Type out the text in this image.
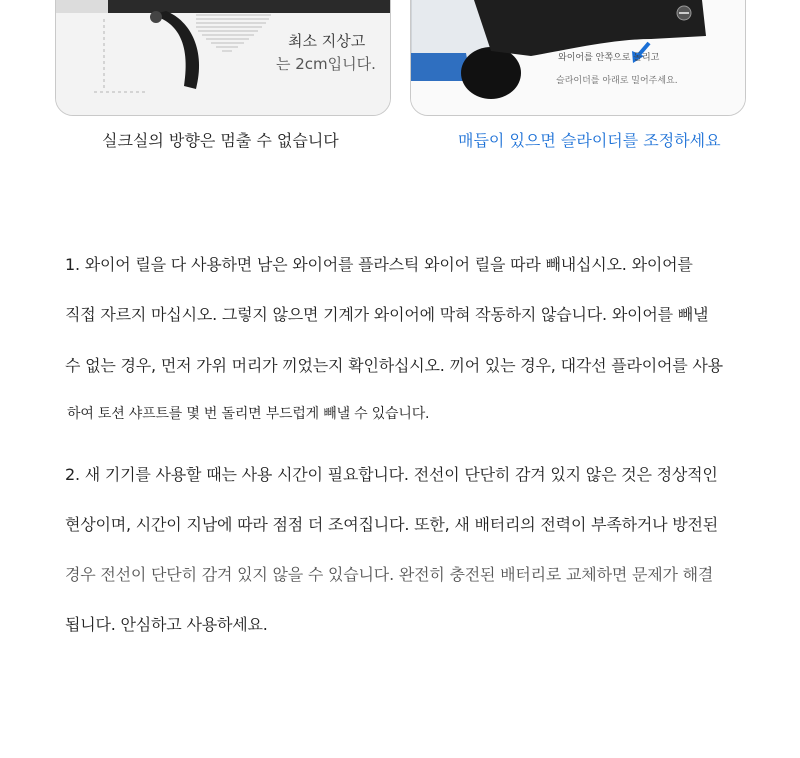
최소 지상고
는 2cm입니다.	와이어를 안쪽으로 돌리고
슬라이더를 아래로 밀어주세요.
실크실의 방향은 멈출 수 없습니다	매듭이 있으면 슬라이더를 조정하세요
1. 와이어 릴을 다 사용하면 남은 와이어를 플라스틱 와이어 릴을 따라 빼내십시오. 와이어를
직접 자르지 마십시오. 그렇지 않으면 기계가 와이어에 막혀 작동하지 않습니다. 와이어를 빼낼
수 없는 경우, 먼저 가위 머리가 끼었는지 확인하십시오. 끼어 있는 경우, 대각선 플라이어를 사용
하여 토션 샤프트를 몇 번 돌리면 부드럽게 빼낼 수 있습니다.
2. 새 기기를 사용할 때는 사용 시간이 필요합니다. 전선이 단단히 감겨 있지 않은 것은 정상적인
현상이며, 시간이 지남에 따라 점점 더 조여집니다. 또한, 새 배터리의 전력이 부족하거나 방전된
경우 전선이 단단히 감겨 있지 않을 수 있습니다. 완전히 충전된 배터리로 교체하면 문제가 해결
됩니다. 안심하고 사용하세요.
